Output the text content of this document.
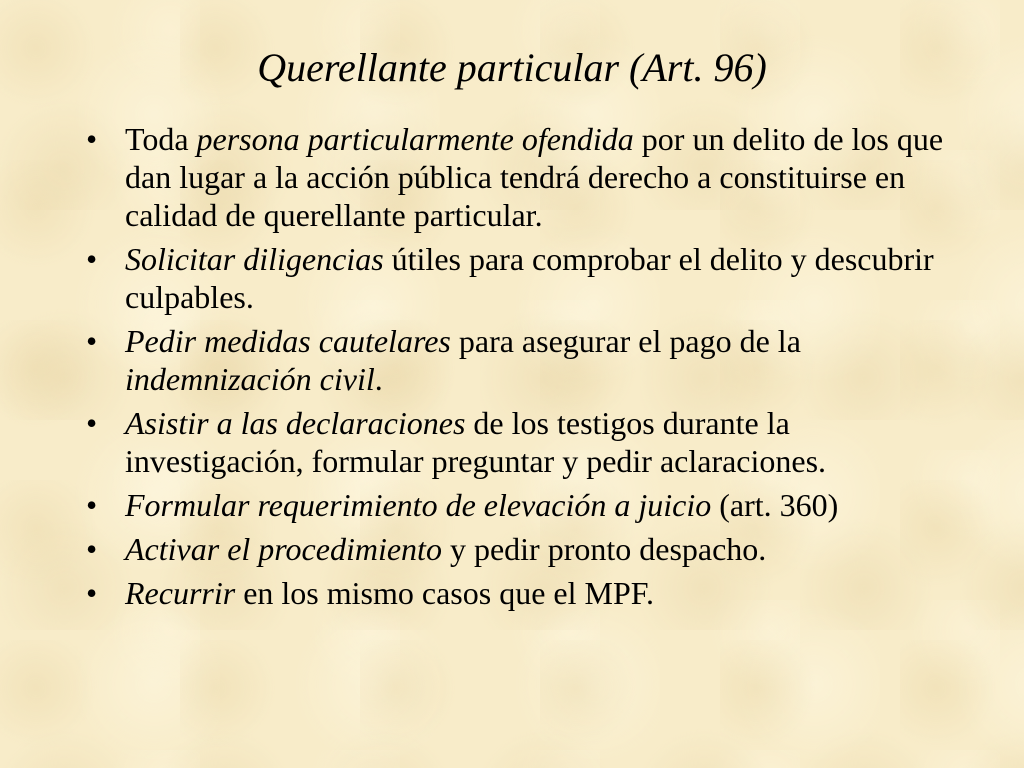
Querellante particular (Art. 96)
• Toda persona particularmente ofendida por un delito de los que dan lugar a la acción pública tendrá derecho a constituirse en calidad de querellante particular.
• Solicitar diligencias útiles para comprobar el delito y descubrir culpables.
• Pedir medidas cautelares para asegurar el pago de la indemnización civil.
• Asistir a las declaraciones de los testigos durante la investigación, formular preguntar y pedir aclaraciones.
• Formular requerimiento de elevación a juicio (art. 360)
• Activar el procedimiento y pedir pronto despacho.
• Recurrir en los mismo casos que el MPF.
